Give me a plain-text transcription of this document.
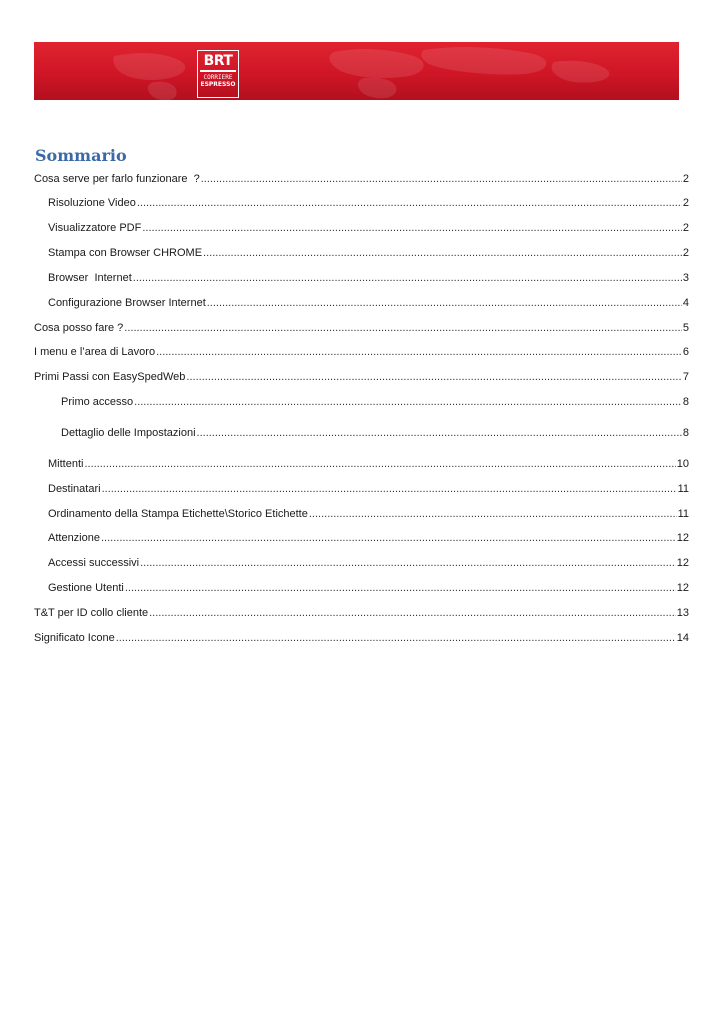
BRT
CORRIERE
ESPRESSO
Sommario
Cosa serve per farlo funzionare  ? .....	2
Risoluzione Video .....	2
Visualizzatore PDF .....	2
Stampa con Browser CHROME .....	2
Browser  Internet .....	3
Configurazione Browser Internet .....	4
Cosa posso fare ? .....	5
I menu e l’area di Lavoro .....	6
Primi Passi con EasySpedWeb .....	7
Primo accesso .....	8
Dettaglio delle Impostazioni .....	8
Mittenti .....	10
Destinatari .....	11
Ordinamento della Stampa Etichette\Storico Etichette .....	11
Attenzione .....	12
Accessi successivi .....	12
Gestione Utenti .....	12
T&T per ID collo cliente .....	13
Significato Icone .....	14
